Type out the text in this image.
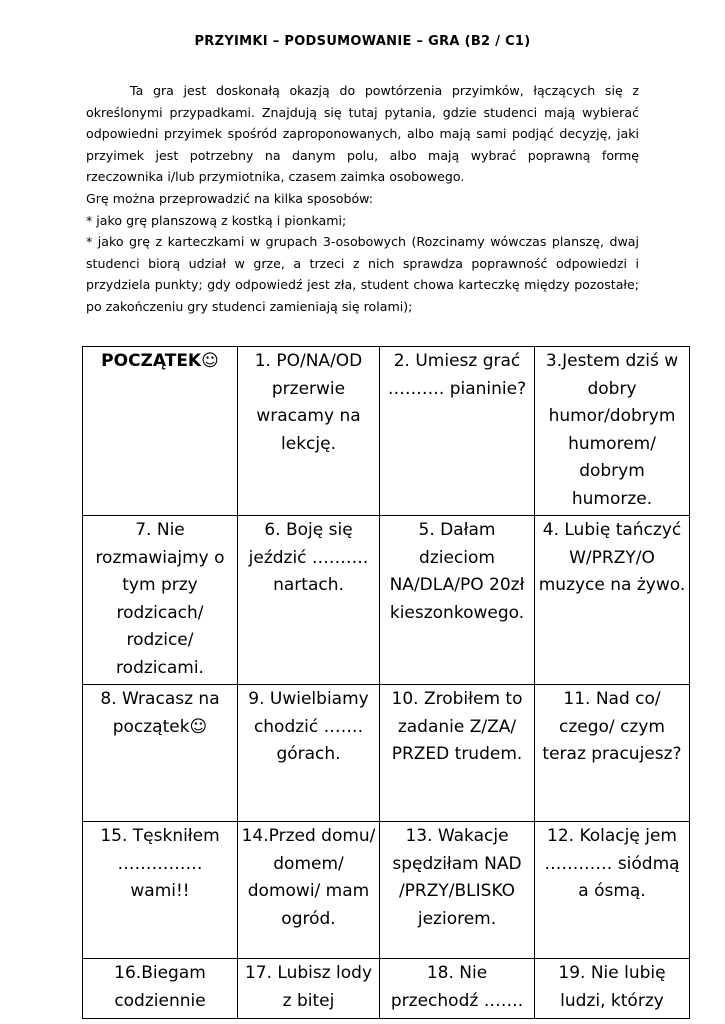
PRZYIMKI – PODSUMOWANIE – GRA (B2 / C1)

Ta gra jest doskonałą okazją do powtórzenia przyimków, łączących się z określonymi przypadkami. Znajdują się tutaj pytania, gdzie studenci mają wybierać odpowiedni przyimek spośród zaproponowanych, albo mają sami podjąć decyzję, jaki przyimek jest potrzebny na danym polu, albo mają wybrać poprawną formę rzeczownika i/lub przymiotnika, czasem zaimka osobowego.

Grę można przeprowadzić na kilka sposobów:

* jako grę planszową z kostką i pionkami;

* jako grę z karteczkami w grupach 3-osobowych (Rozcinamy wówczas planszę, dwaj studenci biorą udział w grze, a trzeci z nich sprawdza poprawność odpowiedzi i przydziela punkty; gdy odpowiedź jest zła, student chowa karteczkę między pozostałe; po zakończeniu gry studenci zamieniają się rolami);

POCZĄTEK☺	1. PO/NA/OD przerwie wracamy na lekcję.	2. Umiesz grać ………. pianinie?	3.Jestem dziś w dobry humor/dobrym humorem/ dobrym humorze.
7. Nie rozmawiajmy o tym przy rodzicach/ rodzice/ rodzicami.	6. Boję się jeździć ………. nartach.	5. Dałam dzieciom NA/DLA/PO 20zł kieszonkowego.	4. Lubię tańczyć W/PRZY/O muzyce na żywo.
8. Wracasz na początek☺	9. Uwielbiamy chodzić ……. górach.	10. Zrobiłem to zadanie Z/ZA/ PRZED trudem.	11. Nad co/ czego/ czym teraz pracujesz?
15. Tęskniłem …………… wami!!	14.Przed domu/ domem/ domowi/ mam ogród.	13. Wakacje spędziłam NAD /PRZY/BLISKO jeziorem.	12. Kolację jem ………… siódmą a ósmą.
16.Biegam codziennie	17. Lubisz lody z bitej	18. Nie przechodź …….	19. Nie lubię ludzi, którzy
